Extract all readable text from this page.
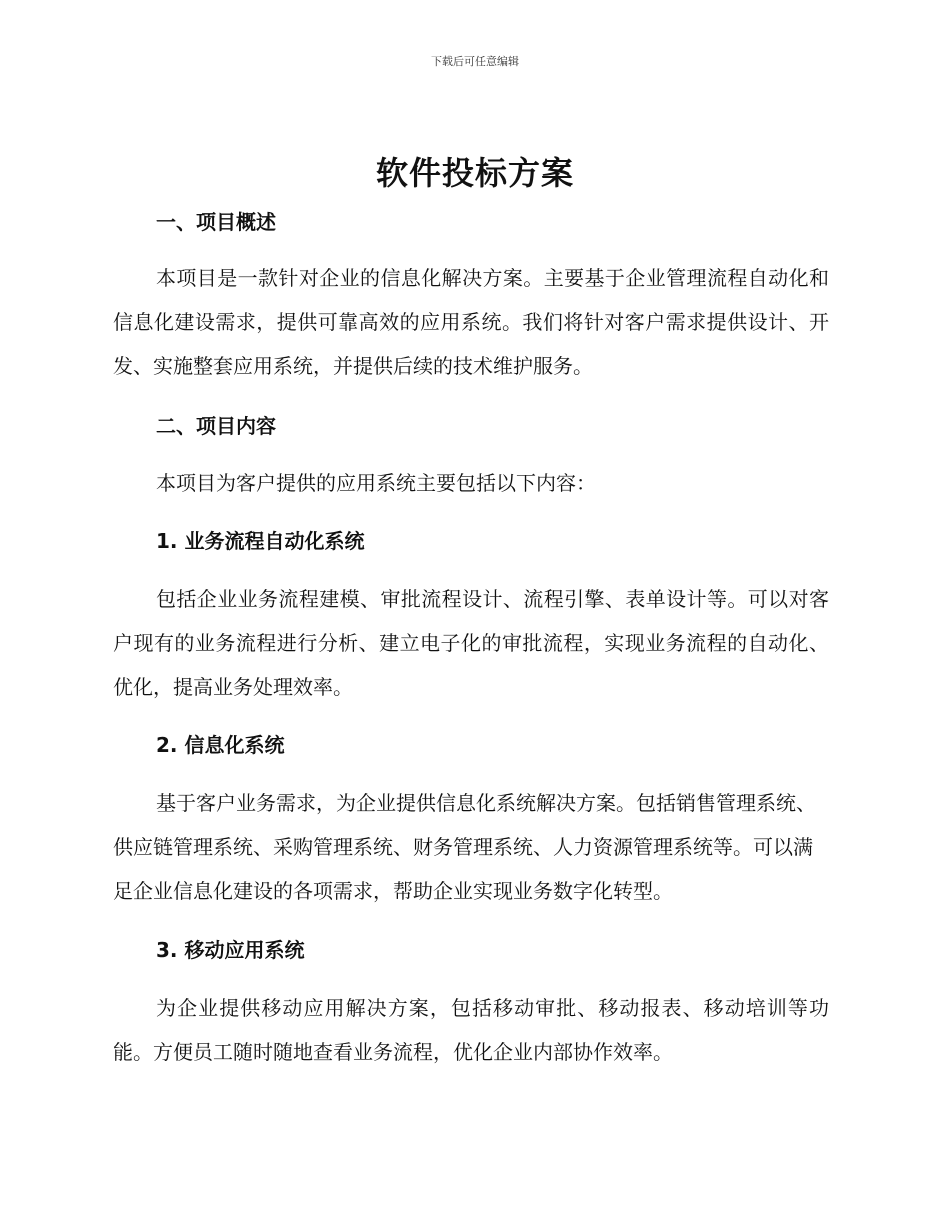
下载后可任意编辑
软件投标方案

一、项目概述

本项目是一款针对企业的信息化解决方案。主要基于企业管理流程自动化和信息化建设需求，提供可靠高效的应用系统。我们将针对客户需求提供设计、开发、实施整套应用系统，并提供后续的技术维护服务。

二、项目内容

本项目为客户提供的应用系统主要包括以下内容：

1. 业务流程自动化系统

包括企业业务流程建模、审批流程设计、流程引擎、表单设计等。可以对客户现有的业务流程进行分析、建立电子化的审批流程，实现业务流程的自动化、优化，提高业务处理效率。

2. 信息化系统

基于客户业务需求，为企业提供信息化系统解决方案。包括销售管理系统、供应链管理系统、采购管理系统、财务管理系统、人力资源管理系统等。可以满足企业信息化建设的各项需求，帮助企业实现业务数字化转型。

3. 移动应用系统

为企业提供移动应用解决方案，包括移动审批、移动报表、移动培训等功能。方便员工随时随地查看业务流程，优化企业内部协作效率。
